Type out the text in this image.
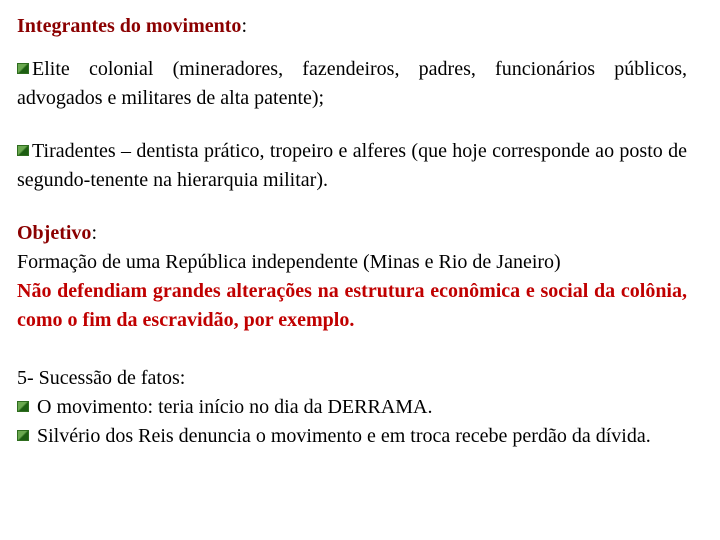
Integrantes do movimento:

Elite colonial (mineradores, fazendeiros, padres, funcionários públicos, advogados e militares de alta patente);

Tiradentes – dentista prático, tropeiro e alferes (que hoje corresponde ao posto de segundo-tenente na hierarquia militar).

Objetivo:

Formação de uma República independente (Minas e Rio de Janeiro)

Não defendiam grandes alterações na estrutura econômica e social da colônia, como o fim da escravidão, por exemplo.

5- Sucessão de fatos:

O movimento: teria início no dia da DERRAMA.

Silvério dos Reis denuncia o movimento e em troca recebe perdão da dívida.
